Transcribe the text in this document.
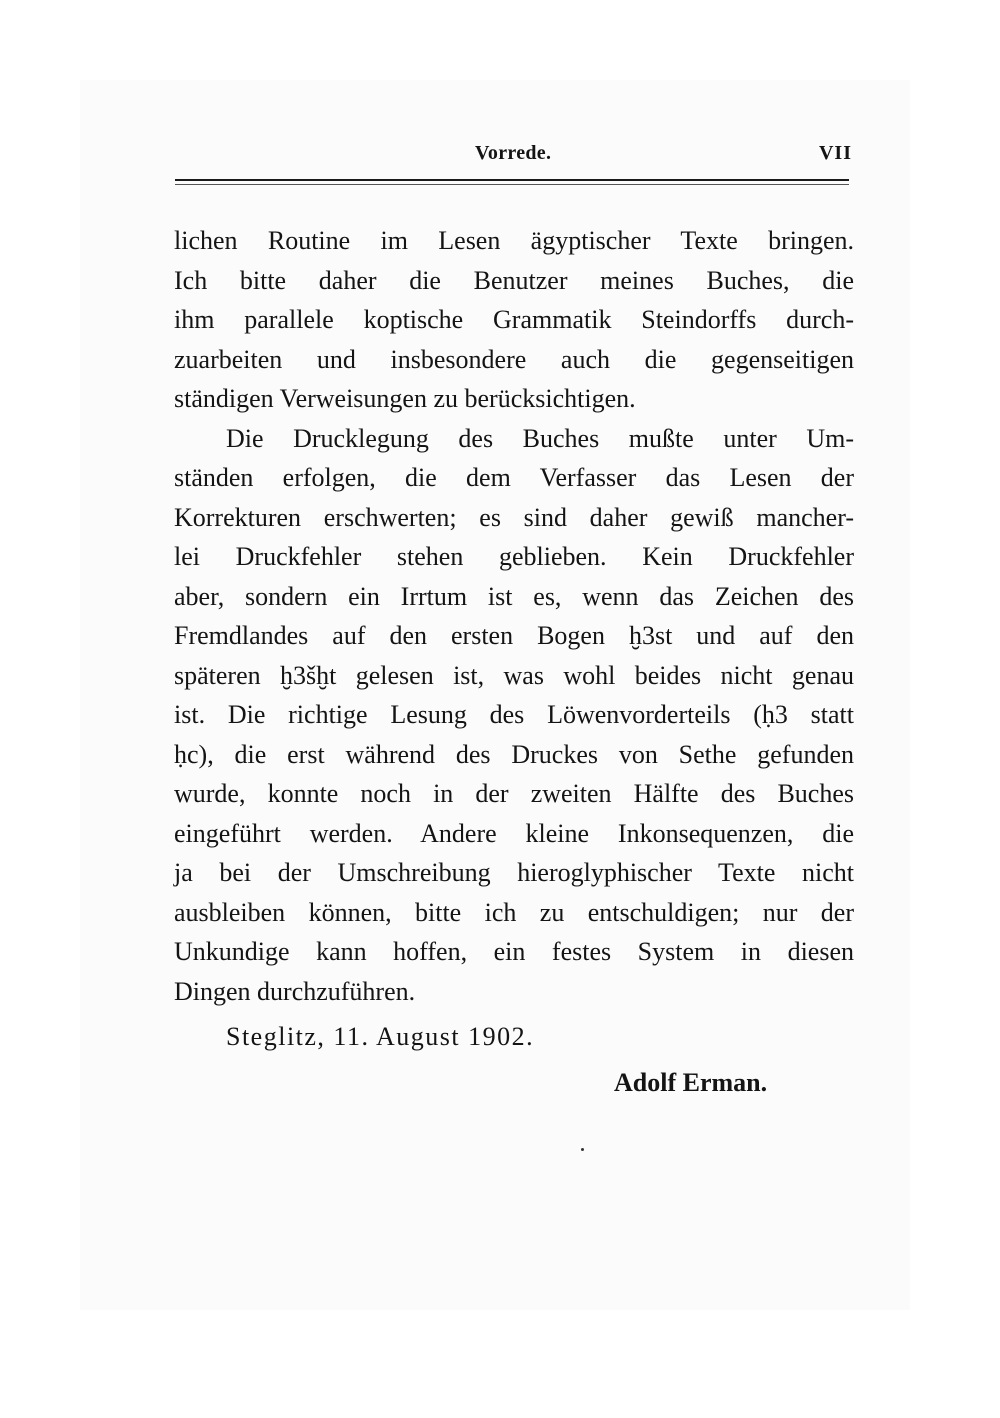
Vorrede.	VII
lichen Routine im Lesen ägyptischer Texte bringen.
Ich bitte daher die Benutzer meines Buches, die
ihm parallele koptische Grammatik Steindorffs durch-
zuarbeiten und insbesondere auch die gegenseitigen
ständigen Verweisungen zu berücksichtigen.
Die Drucklegung des Buches mußte unter Um-
ständen erfolgen, die dem Verfasser das Lesen der
Korrekturen erschwerten; es sind daher gewiß mancher-
lei Druckfehler stehen geblieben. Kein Druckfehler
aber, sondern ein Irrtum ist es, wenn das Zeichen des
Fremdlandes auf den ersten Bogen ḫ3st und auf den
späteren ḫ3šḫt gelesen ist, was wohl beides nicht genau
ist. Die richtige Lesung des Löwenvorderteils (ḥ3 statt
ḥc), die erst während des Druckes von Sethe gefunden
wurde, konnte noch in der zweiten Hälfte des Buches
eingeführt werden. Andere kleine Inkonsequenzen, die
ja bei der Umschreibung hieroglyphischer Texte nicht
ausbleiben können, bitte ich zu entschuldigen; nur der
Unkundige kann hoffen, ein festes System in diesen
Dingen durchzuführen.
Steglitz, 11. August 1902.
Adolf Erman.
